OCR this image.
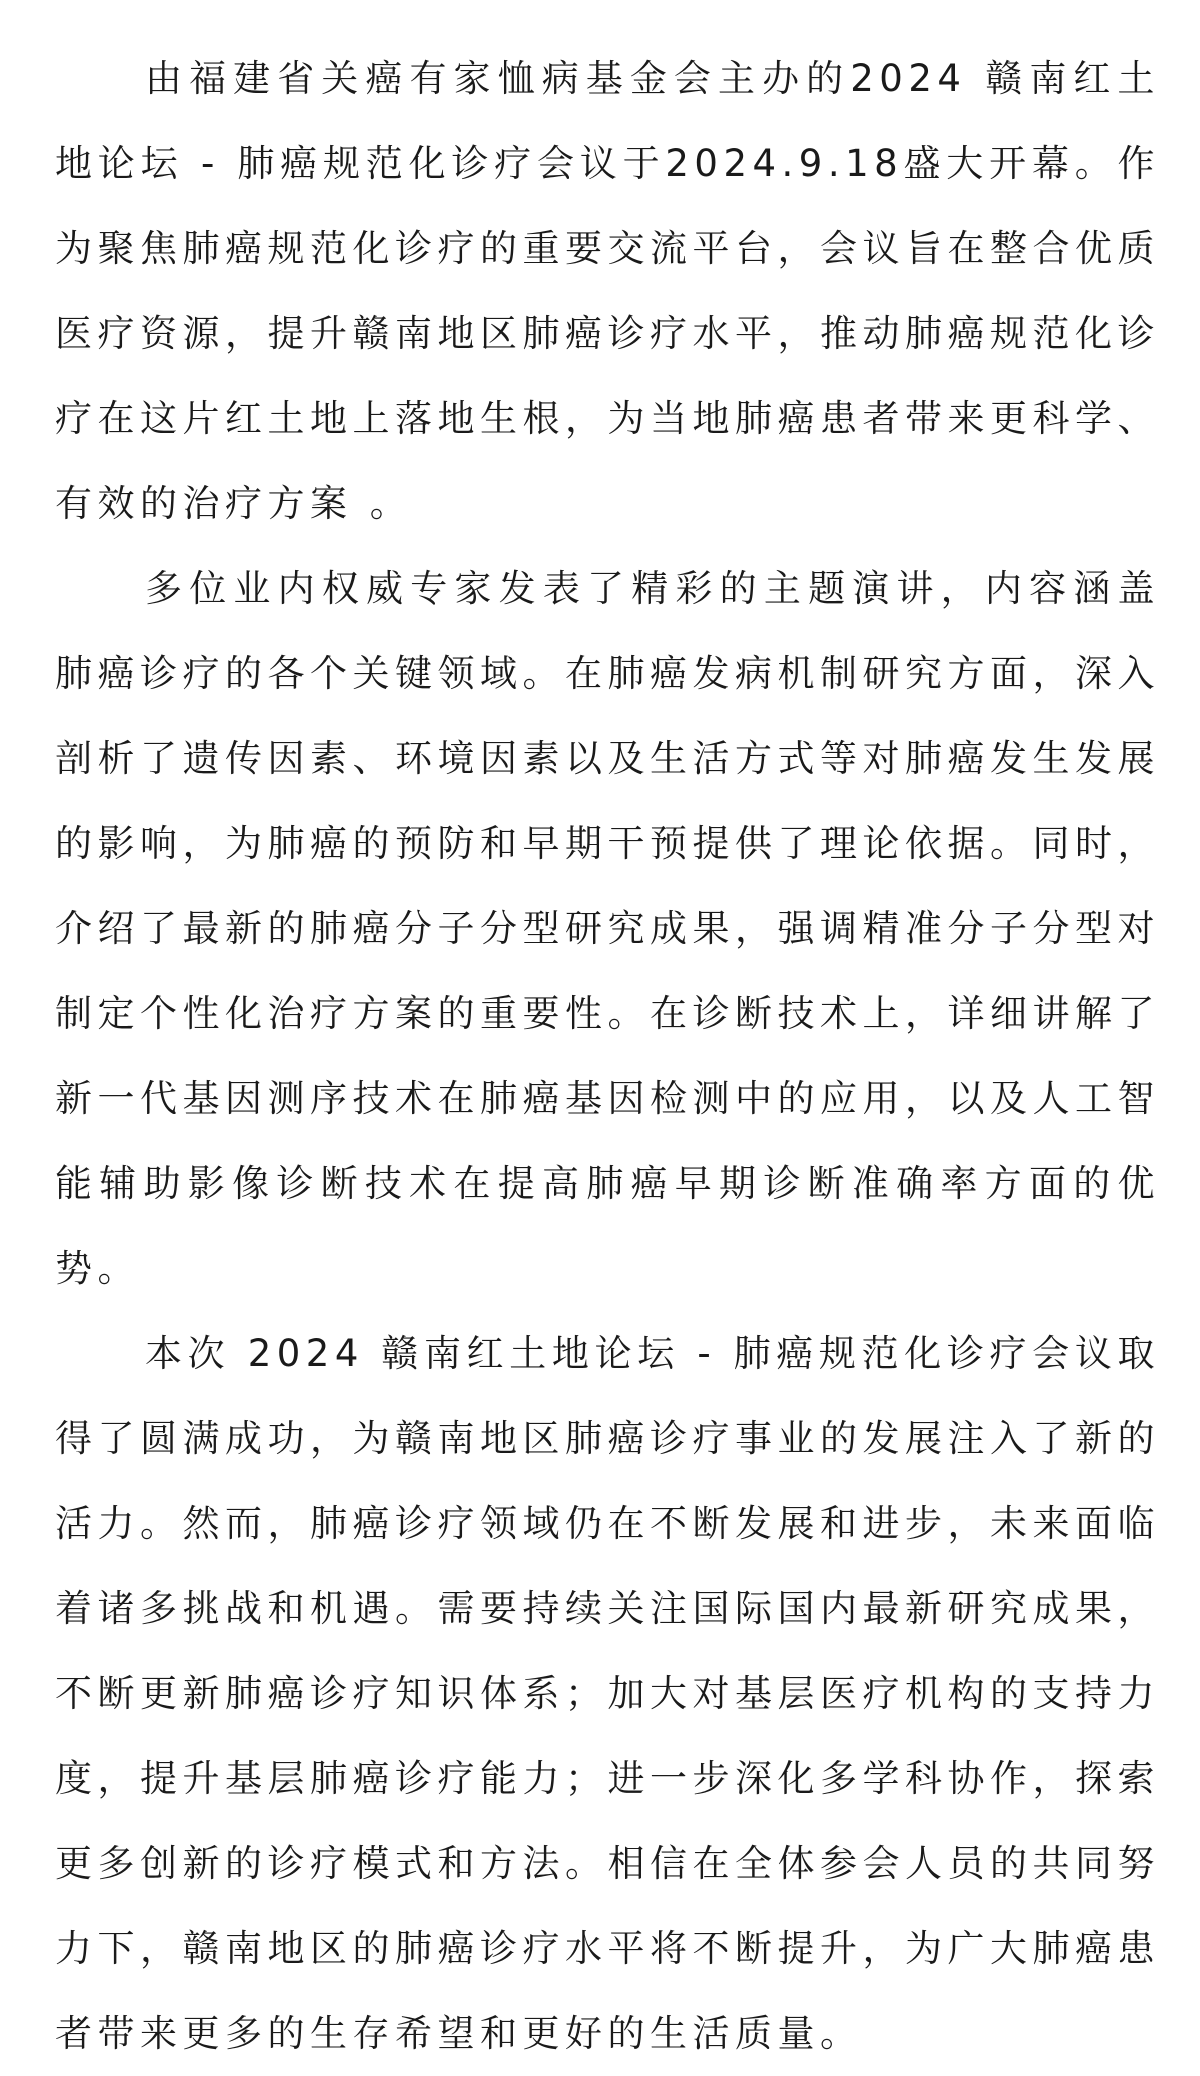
由福建省关癌有家恤病基金会主办的2024 赣南红土地论坛 - 肺癌规范化诊疗会议于2024.9.18盛大开幕。作为聚焦肺癌规范化诊疗的重要交流平台，会议旨在整合优质医疗资源，提升赣南地区肺癌诊疗水平，推动肺癌规范化诊疗在这片红土地上落地生根，为当地肺癌患者带来更科学、有效的治疗方案 。

多位业内权威专家发表了精彩的主题演讲，内容涵盖肺癌诊疗的各个关键领域。在肺癌发病机制研究方面，深入剖析了遗传因素、环境因素以及生活方式等对肺癌发生发展的影响，为肺癌的预防和早期干预提供了理论依据。同时，介绍了最新的肺癌分子分型研究成果，强调精准分子分型对制定个性化治疗方案的重要性。在诊断技术上，详细讲解了新一代基因测序技术在肺癌基因检测中的应用，以及人工智能辅助影像诊断技术在提高肺癌早期诊断准确率方面的优势。

本次 2024 赣南红土地论坛 - 肺癌规范化诊疗会议取得了圆满成功，为赣南地区肺癌诊疗事业的发展注入了新的活力。然而，肺癌诊疗领域仍在不断发展和进步，未来面临着诸多挑战和机遇。需要持续关注国际国内最新研究成果，不断更新肺癌诊疗知识体系；加大对基层医疗机构的支持力度，提升基层肺癌诊疗能力；进一步深化多学科协作，探索更多创新的诊疗模式和方法。相信在全体参会人员的共同努力下，赣南地区的肺癌诊疗水平将不断提升，为广大肺癌患者带来更多的生存希望和更好的生活质量。
